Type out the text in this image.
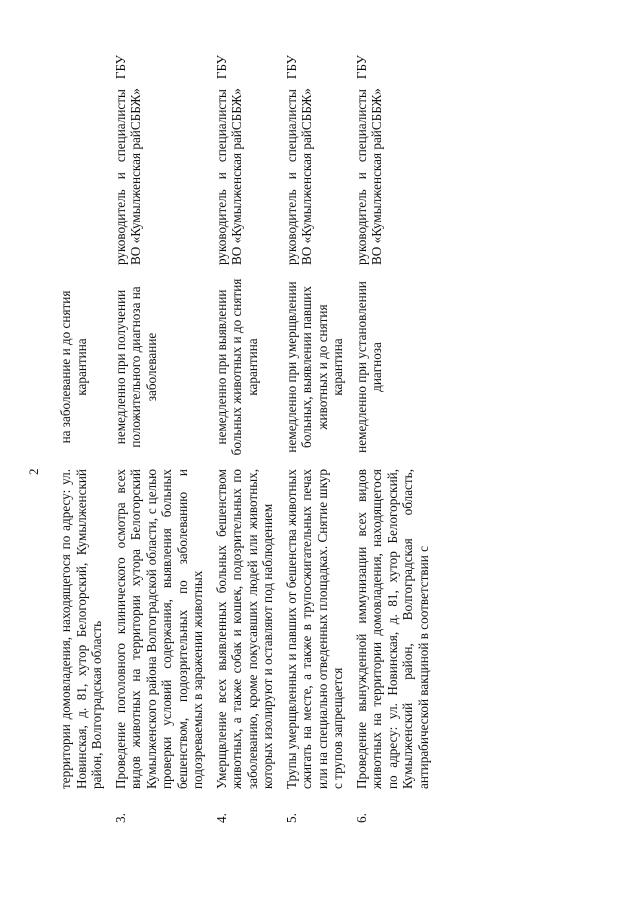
2
	территории домовладения, находящегося по адресу: ул. Новинская, д. 81, хутор Белогорский, Кумылженский район, Волгоградская область	на заболевание и до снятия карантина	
3.	Проведение поголовного клинического осмотра всех видов животных на территории хутора Белогорский Кумылженского района Волгоградской области, с целью проверки условий содержания, выявления больных бешенством, подозрительных по заболеванию и подозреваемых в заражении животных	немедленно при получении положительного диагноза на заболевание	руководитель и специалисты ГБУ ВО «Кумылженская райСББЖ»
4.	Умерщвление всех выявленных больных бешенством животных, а также собак и кошек, подозрительных по заболеванию, кроме покусавших людей или животных, которых изолируют и оставляют под наблюдением	немедленно при выявлении больных животных и до снятия карантина	руководитель и специалисты ГБУ ВО «Кумылженская райСББЖ»
5.	Трупы умерщвленных и павших от бешенства животных сжигать на месте, а также в трупосжигательных печах или на специально отведенных площадках. Снятие шкур с трупов запрещается	немедленно при умерщвлении больных, выявлении павших животных и до снятия карантина	руководитель и специалисты ГБУ ВО «Кумылженская райСББЖ»
6.	Проведение вынужденной иммунизации всех видов животных на территории домовладения, находящегося по адресу: ул. Новинская, д. 81, хутор Белогорский, Кумылженский район, Волгоградская область, антирабической вакциной в соответствии с	немедленно при установлении диагноза	руководитель и специалисты ГБУ ВО «Кумылженская райСББЖ»
